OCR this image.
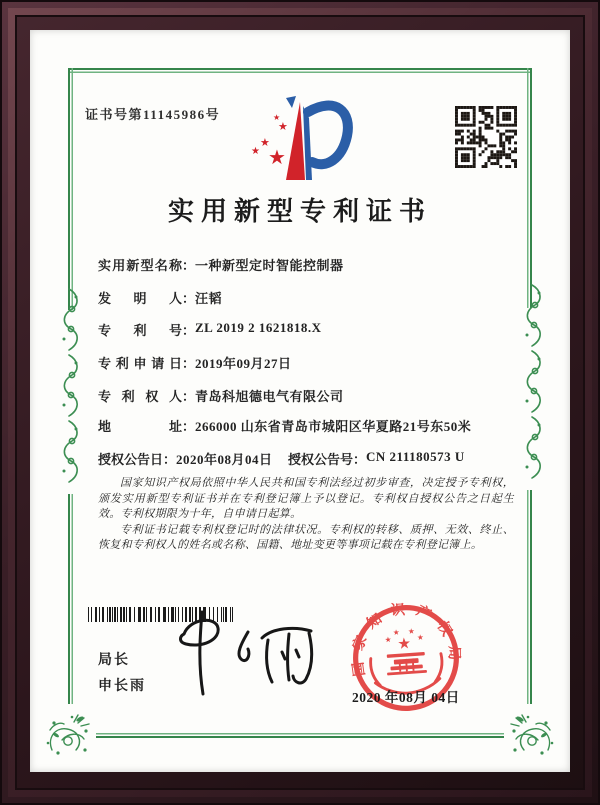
证书号第11145986号
★
★
★
★
★
实用新型专利证书
实用新型名称：一种新型定时智能控制器
发明人：汪韬
专利号：ZL 2019 2 1621818.X
专利申请日：2019年09月27日
专利权人：青岛科旭德电气有限公司
地址：266000 山东省青岛市城阳区华夏路21号东50米
授权公告日：2020年08月04日 授权公告号：CN 211180573 U

国家知识产权局依照中华人民共和国专利法经过初步审查，决定授予专利权，颁发实用新型专利证书并在专利登记簿上予以登记。专利权自授权公告之日起生效。专利权期限为十年，自申请日起算。

专利证书记载专利权登记时的法律状况。专利权的转移、质押、无效、终止、恢复和专利权人的姓名或名称、国籍、地址变更等事项记载在专利登记簿上。

局长
申长雨
国家知识产权局
★
★
★ ★
★
2020 年08月 04日
